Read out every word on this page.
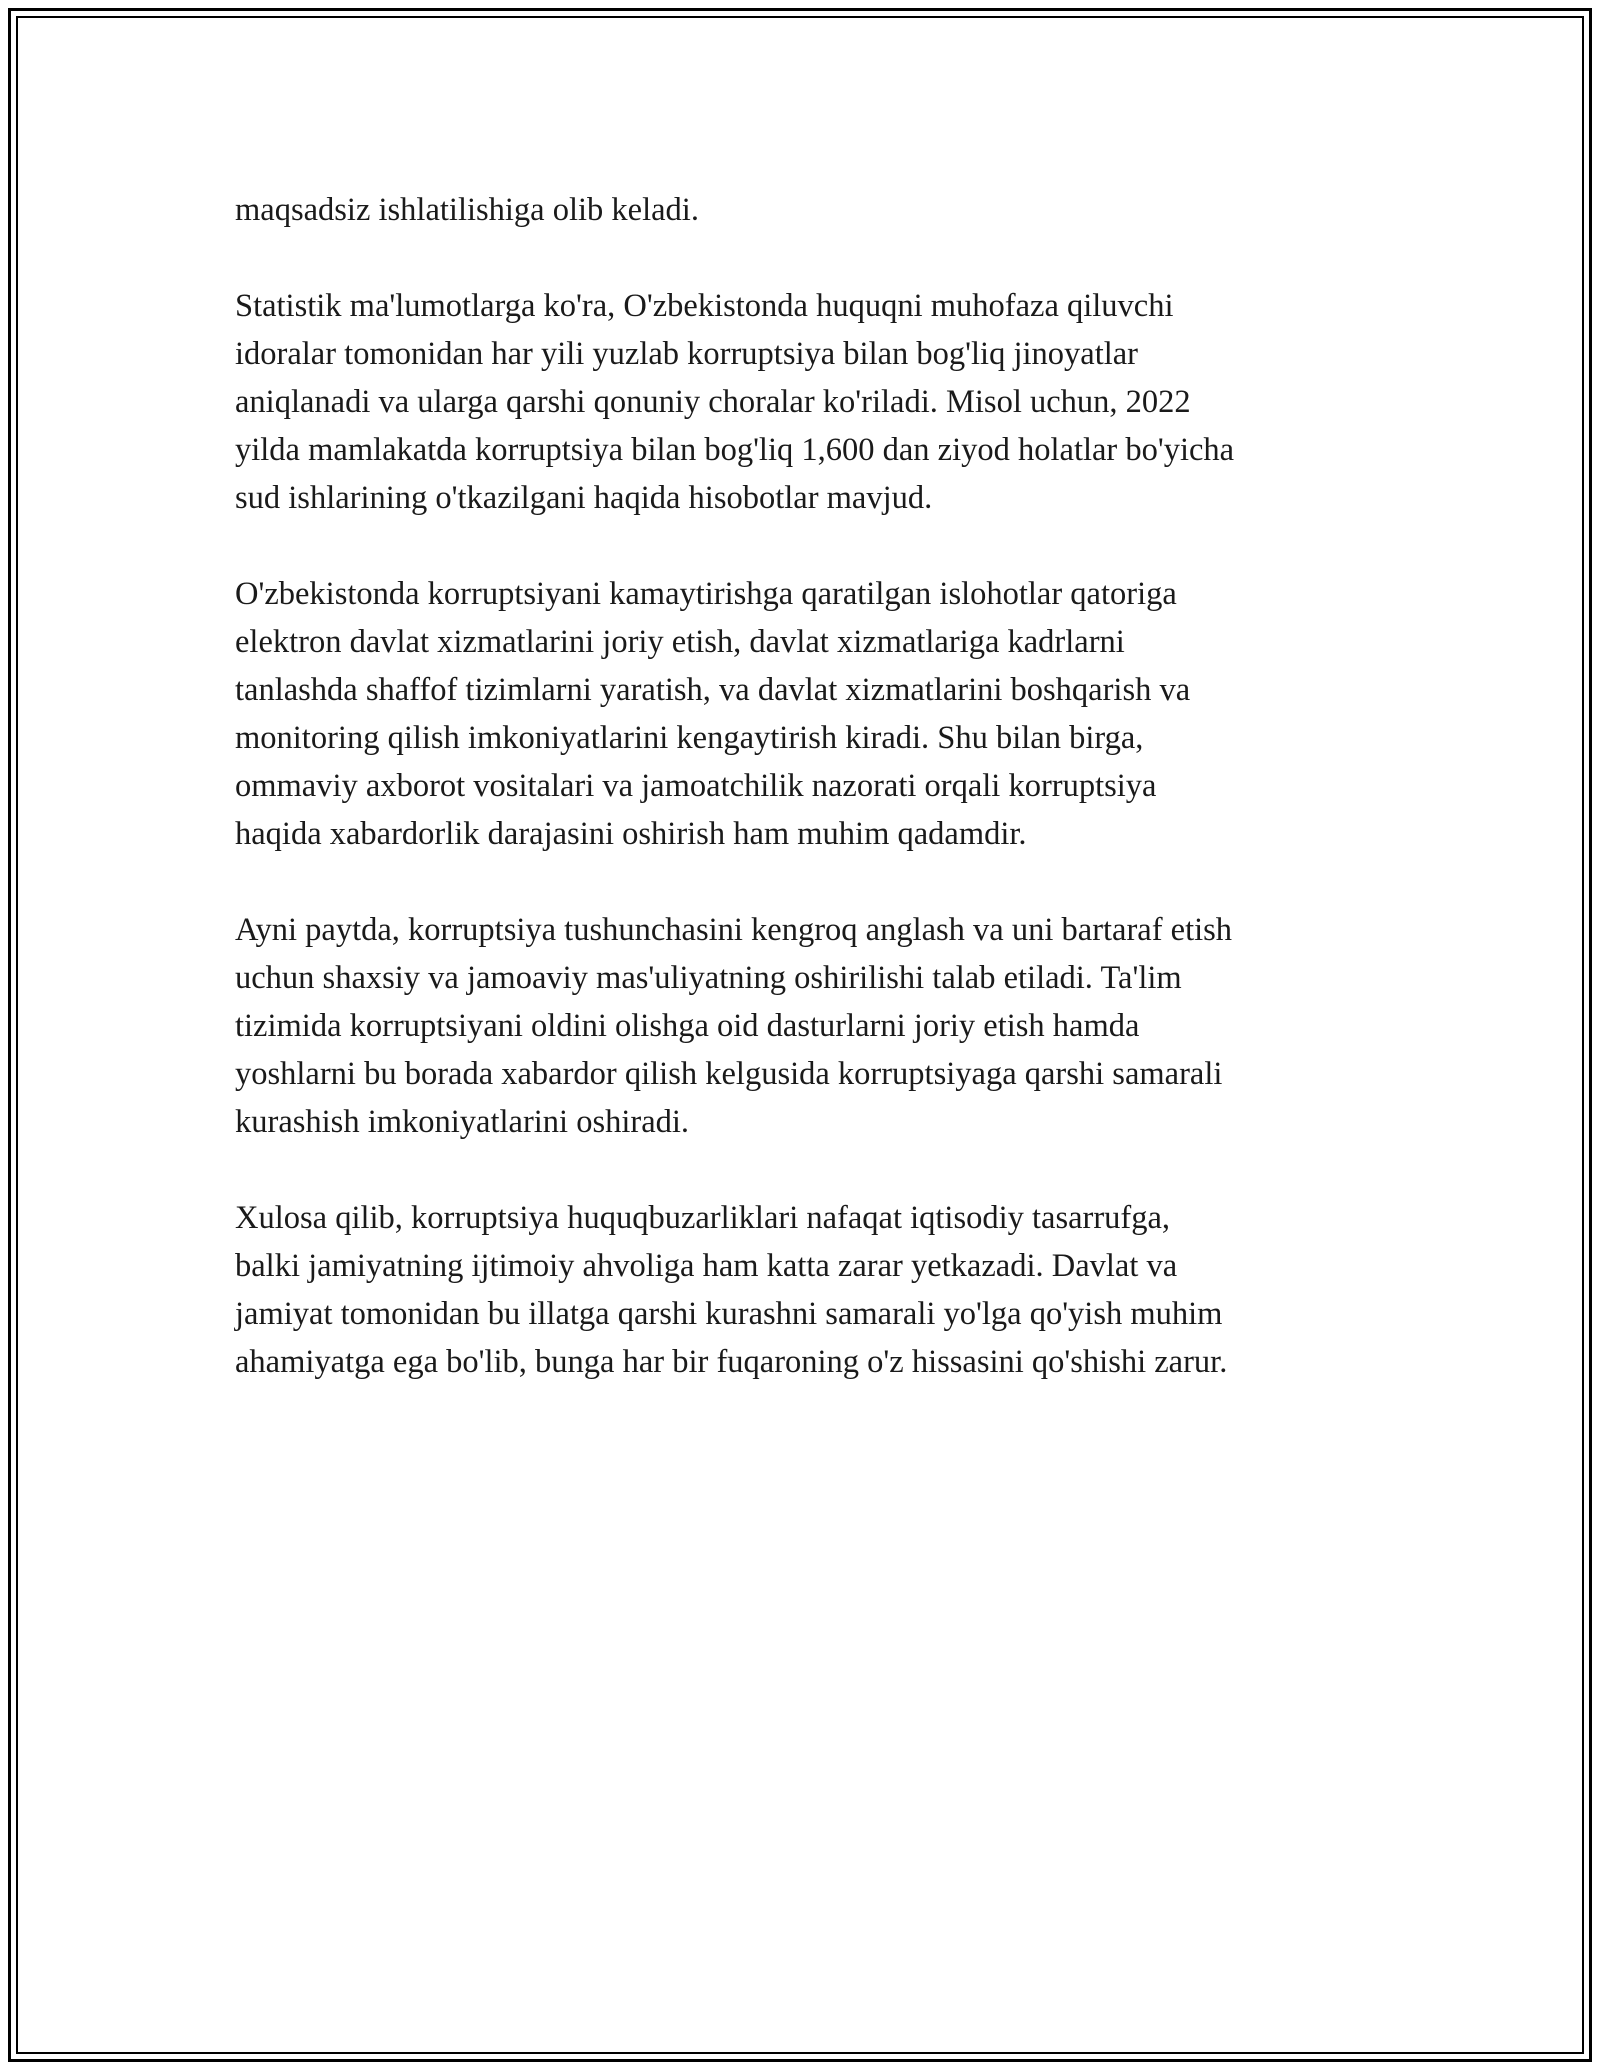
maqsadsiz ishlatilishiga olib keladi.

Statistik ma'lumotlarga ko'ra, O'zbekistonda huquqni muhofaza qiluvchi
idoralar tomonidan har yili yuzlab korruptsiya bilan bog'liq jinoyatlar
aniqlanadi va ularga qarshi qonuniy choralar ko'riladi. Misol uchun, 2022
yilda mamlakatda korruptsiya bilan bog'liq 1,600 dan ziyod holatlar bo'yicha
sud ishlarining o'tkazilgani haqida hisobotlar mavjud.

O'zbekistonda korruptsiyani kamaytirishga qaratilgan islohotlar qatoriga
elektron davlat xizmatlarini joriy etish, davlat xizmatlariga kadrlarni
tanlashda shaffof tizimlarni yaratish, va davlat xizmatlarini boshqarish va
monitoring qilish imkoniyatlarini kengaytirish kiradi. Shu bilan birga,
ommaviy axborot vositalari va jamoatchilik nazorati orqali korruptsiya
haqida xabardorlik darajasini oshirish ham muhim qadamdir.

Ayni paytda, korruptsiya tushunchasini kengroq anglash va uni bartaraf etish
uchun shaxsiy va jamoaviy mas'uliyatning oshirilishi talab etiladi. Ta'lim
tizimida korruptsiyani oldini olishga oid dasturlarni joriy etish hamda
yoshlarni bu borada xabardor qilish kelgusida korruptsiyaga qarshi samarali
kurashish imkoniyatlarini oshiradi.

Xulosa qilib, korruptsiya huquqbuzarliklari nafaqat iqtisodiy tasarrufga,
balki jamiyatning ijtimoiy ahvoliga ham katta zarar yetkazadi. Davlat va
jamiyat tomonidan bu illatga qarshi kurashni samarali yo'lga qo'yish muhim
ahamiyatga ega bo'lib, bunga har bir fuqaroning o'z hissasini qo'shishi zarur.
